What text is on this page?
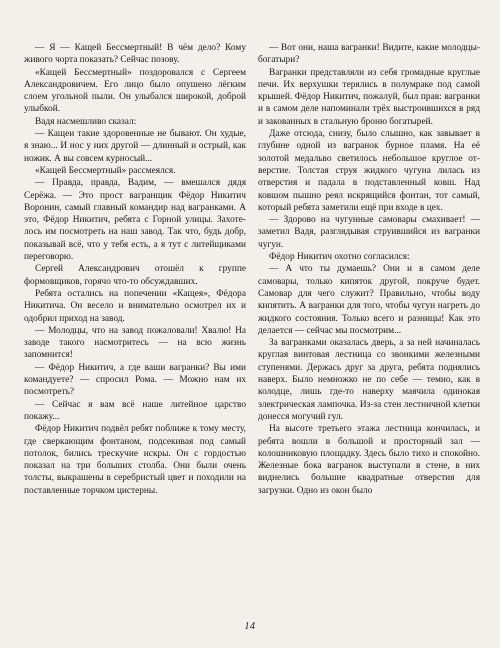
— Я — Кащей Бессмертный! В чём дело? Кому живого чорта показать? Сейчас позову.

«Кащей Бессмертный» поздоровался с Сергеем Александровичем. Его лицо было опушено лёгким слоем угольной пыли. Он улыбался широкой, доброй улыбкой.

Вадя насмешливо сказал:

— Кащеи такие здоровенные не бывают. Он худые, я знаю... И нос у них другой — длинный и острый, как ножик. А вы совсем курносый...

«Кащей Бессмертный» рассмеялся.

— Правда, правда, Вадим, — вмешался дядя Серёжа. — Это прост вагранщик Фёдор Никитич Воронин, самый главный командир над вагранками. А это, Фёдор Никитич, ребята с Горной улицы. Захотелось им посмотреть на наш завод. Так что, будь добр, показывай всё, что у тебя есть, а я тут с литейщиками переговорю.

Сергей Александрович отошёл к группе формовщиков, горячо что-то обсуждавших.

Ребята остались на попечении «Кащея», Фёдора Никитича. Он весело и внимательно осмотрел их и одобрил приход на завод.

— Молодцы, что на завод пожаловали! Хвалю! На заводе такого насмотритесь — на всю жизнь запомнится!

— Фёдор Никитич, а где ваши вагранки? Вы ими командуете? — спросил Рома. — Можно нам их посмотреть?

— Сейчас я вам всё наше литейное царство покажу...

Фёдор Никитич подвёл ребят поближе к тому месту, где сверкающим фонтаном, подсекивая под самый потолок, бились трескучие искры. Он с гордостью показал на три больших столба. Они были очень толсты, выкрашены в серебристый цвет и походили на поставленные торчком цистерны.

— Вот они, наша вагранки! Видите, какие молодцы-богатыри?

Вагранки представляли из себя громадные круглые печи. Их верхушки терялись в полумраке под самой крышей. Фёдор Никитич, пожалуй, был прав: вагранки и в самом деле напоминали трёх выстроившихся в ряд и закованных в стальную броню богатырей.

Даже отсюда, снизу, было слышно, как завывает в глубине одной из вагранок бурное пламя. На её золотой медальво светилось небольшое круглое отверстие. Толстая струя жидкого чугуна лилась из отверстия и падала в подставленный ковш. Над ковшом пышно реял искрящийся фонтан, тот самый, который ребята заметили ещё при входе в цех.

— Здорово на чугунные самовары смахивает! — заметил Вадя, разглядывая струившийся из вагранки чугун.

Фёдор Никитич охотно согласился:

— А что ты думаешь? Они и в самом деле самовары, только кипяток другой, покруче будет. Самовар для чего служит? Правильно, чтобы воду кипятить. А вагранки для того, чтобы чугун нагреть до жидкого состояния. Только всего и разницы! Как это делается — сейчас мы посмотрим...

За вагранками оказалась дверь, а за ней начиналась круглая винтовая лестница со звонкими железными ступенями. Держась друг за друга, ребята поднялись наверх. Было немножко не по себе — темно, как в колодце, лишь где-то наверху маячила одинокая электрическая лампочка. Из-за стен лестничной клетки донесся могучий гул.

На высоте третьего этажа лестница кончилась, и ребята вошли в большой и просторный зал — колошниковую площадку. Здесь было тихо и спокойно. Железные бока вагранок выступали в стене, в них виднелись большие квадратные отверстия для загрузки. Одно из окон было

14
